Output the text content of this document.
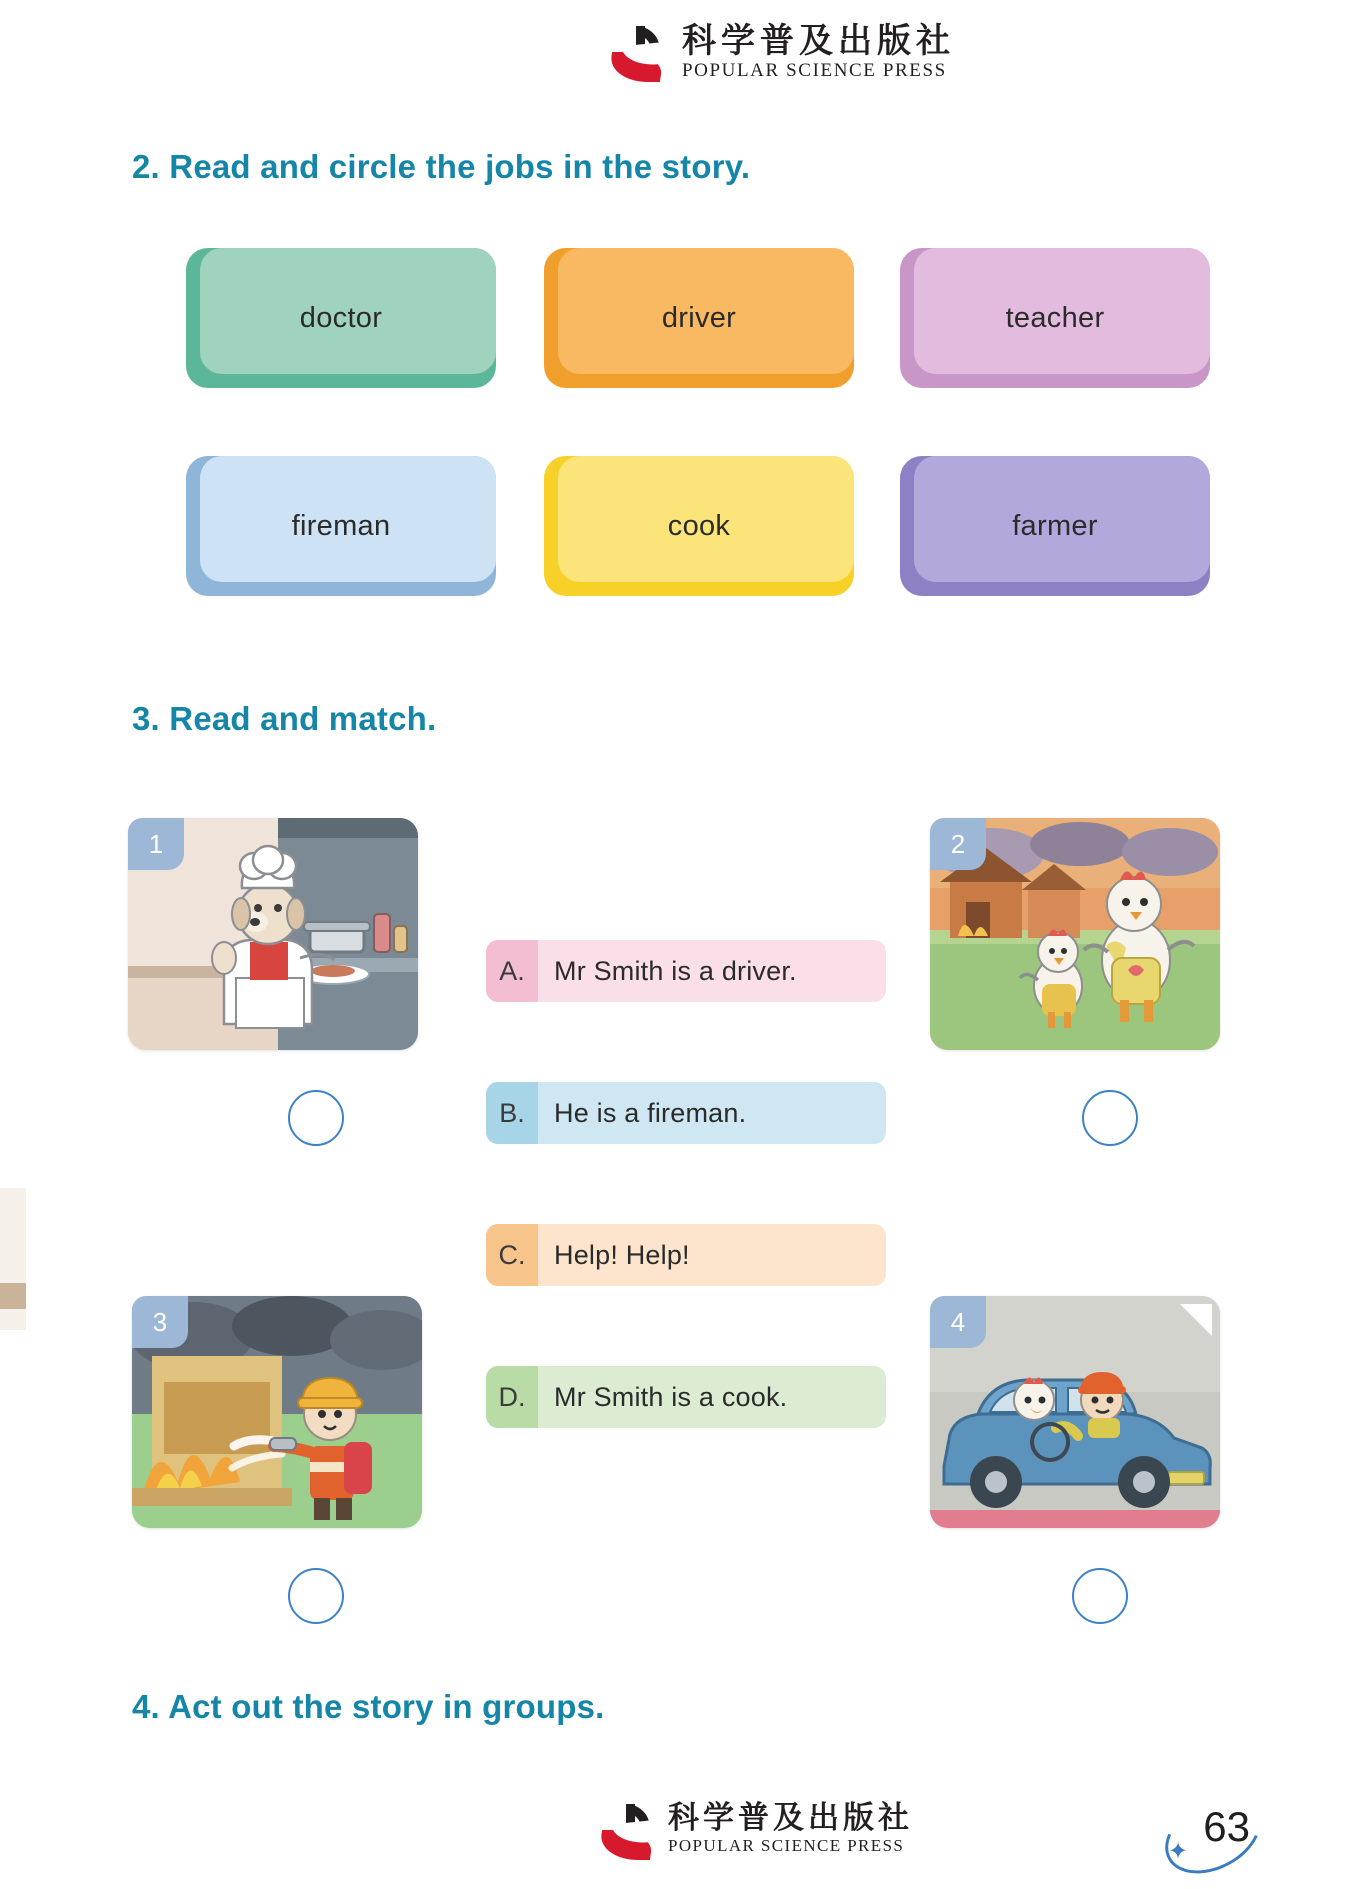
科学普及出版社
POPULAR SCIENCE PRESS
2. Read and circle the jobs in the story.
doctor	driver	teacher
fireman	cook	farmer
3. Read and match.
1	2
3	4
A.	Mr Smith is a driver.
B.	He is a fireman.
C.	Help! Help!
D.	Mr Smith is a cook.
4. Act out the story in groups.
科学普及出版社
POPULAR SCIENCE PRESS	✦
63
